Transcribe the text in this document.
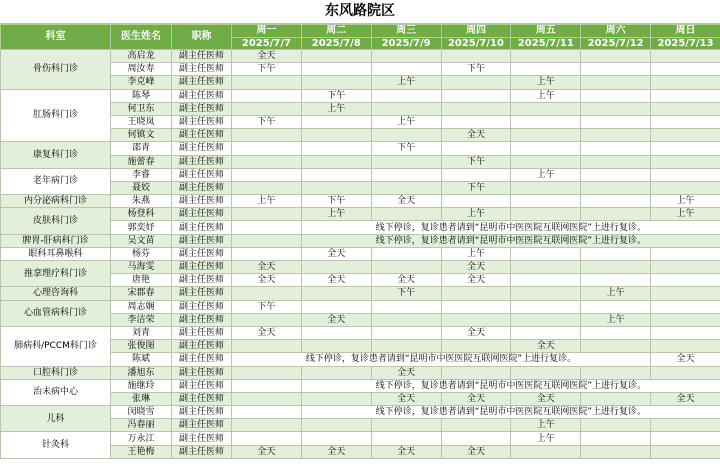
东风路院区
科室	医生姓名	职称	周一	周二	周三	周四	周五	周六	周日
			2025/7/7	2025/7/8	2025/7/9	2025/7/10	2025/7/11	2025/7/12	2025/7/13
骨伤科门诊	高启龙	副主任医师	全天						
	周汝寿	副主任医师	下午			下午			
	李克峰	副主任医师			上午		上午		
肛肠科门诊	陈琴	副主任医师		下午			上午		
	何卫东	副主任医师		上午					
	王晓岚	副主任医师	下午		上午				
	何镇文	副主任医师				全天			
康复科门诊	邵青	副主任医师			下午				
	施蕾春	副主任医师				下午			
老年病门诊	李睿	副主任医师					上午		
	聂姣	副主任医师				下午			
内分泌病科门诊	朱燕	副主任医师	上午	下午	全天				上午
皮肤科门诊	杨登科	副主任医师		上午		上午			上午
	郭奕妤	副主任医师		线下停诊，复诊患者请到“昆明市中医医院互联网医院”上进行复诊。					
脾胃-肝病科门诊	吴文苗	副主任医师		线下停诊，复诊患者请到“昆明市中医医院互联网医院”上进行复诊。					
眼科耳鼻喉科	杨芬	副主任医师		全天		上午			
推拿理疗科门诊	马海雯	副主任医师	全天			全天			
	唐艳	副主任医师	全天	全天	全天	全天			
心理咨询科	宋郡春	副主任医师			下午			上午	
心血管病科门诊	周志娴	副主任医师	下午						
	李洁荣	副主任医师		全天				上午	
肺病科/PCCM科门诊	刘青	副主任医师	全天			全天			
	张俊图	副主任医师					全天		
	陈斌	副主任医师	线下停诊，复诊患者请到“昆明市中医医院互联网医院”上进行复诊。						全天
口腔科门诊	潘旭东	副主任医师			全天				
治未病中心	施继玲	副主任医师		线下停诊，复诊患者请到“昆明市中医医院互联网医院”上进行复诊。					
	张琳	副主任医师			全天	全天	全天		全天
儿科	闵晓雪	副主任医师		线下停诊，复诊患者请到“昆明市中医医院互联网医院”上进行复诊。					
	冯春丽	副主任医师					上午		
针灸科	万永江	副主任医师					上午		
	王艳梅	副主任医师	全天	全天	全天	全天			
